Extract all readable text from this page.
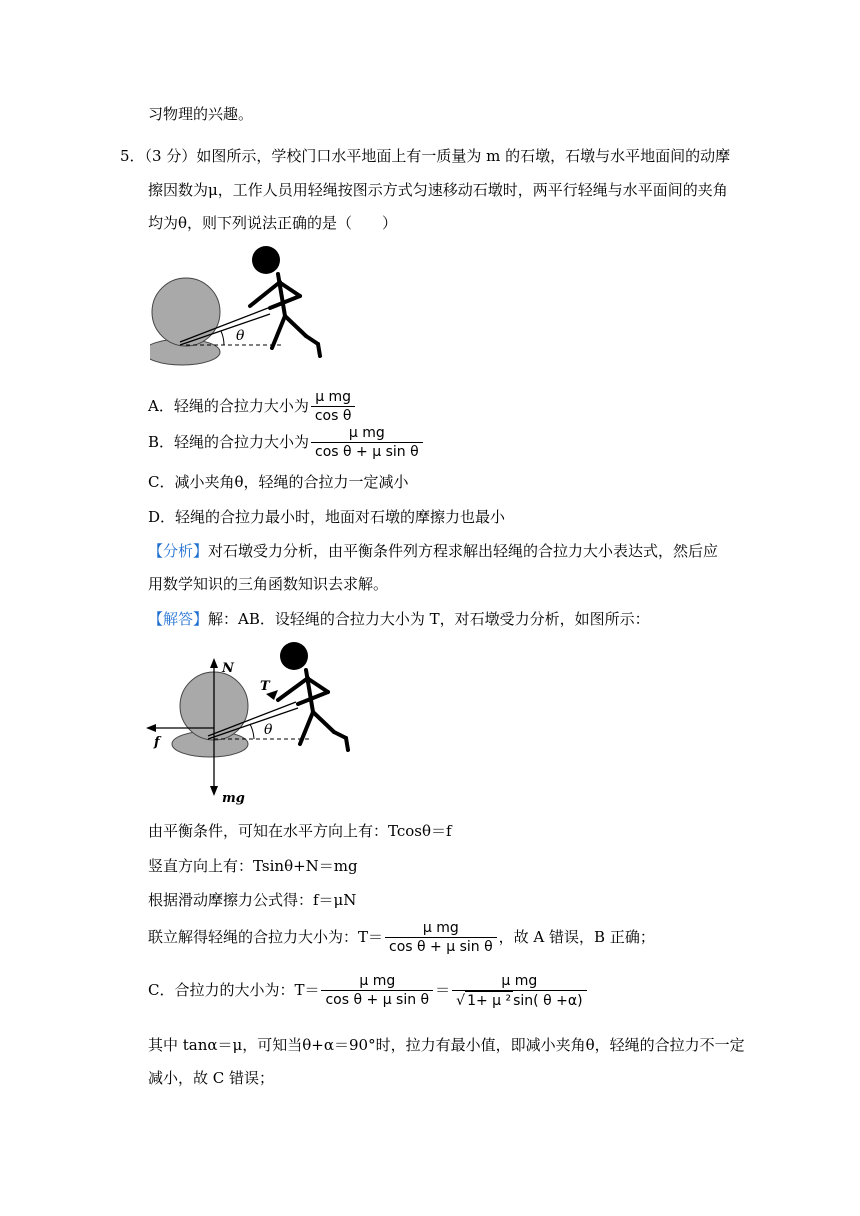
习物理的兴趣。
5．（3 分）如图所示，学校门口水平地面上有一质量为 m 的石墩，石墩与水平地面间的动摩
擦因数为μ，工作人员用轻绳按图示方式匀速移动石墩时，两平行轻绳与水平面间的夹角
均为θ，则下列说法正确的是（　　）
θ
A．轻绳的合拉力大小为 $\frac{\text{μ mg}}{\text{cos θ}}$
B．轻绳的合拉力大小为 $\frac{\text{μ mg}}{\text{cos θ + μ sin θ}}$
C．减小夹角θ，轻绳的合拉力一定减小
D．轻绳的合拉力最小时，地面对石墩的摩擦力也最小
【分析】对石墩受力分析，由平衡条件列方程求解出轻绳的合拉力大小表达式，然后应
用数学知识的三角函数知识去求解。
【解答】解：AB．设轻绳的合拉力大小为 T，对石墩受力分析，如图所示：
N
mg
f
T
θ
由平衡条件，可知在水平方向上有：Tcosθ＝f
竖直方向上有：Tsinθ+N＝mg
根据滑动摩擦力公式得：f＝μN
联立解得轻绳的合拉力大小为：$T= \frac{\text{μ mg}}{\text{cos θ + μ sin θ}}$ ，故 A 错误，B 正确；
C．合拉力的大小为：$T= \frac{\text{μ mg}}{\text{cos θ + μ sin θ}} = \frac{\text{μ mg}}{\text{√ 1+ μ ² sin( θ +α)}}$
其中 tanα＝μ，可知当θ+α＝90°时，拉力有最小值，即减小夹角θ，轻绳的合拉力不一定
减小，故 C 错误；
